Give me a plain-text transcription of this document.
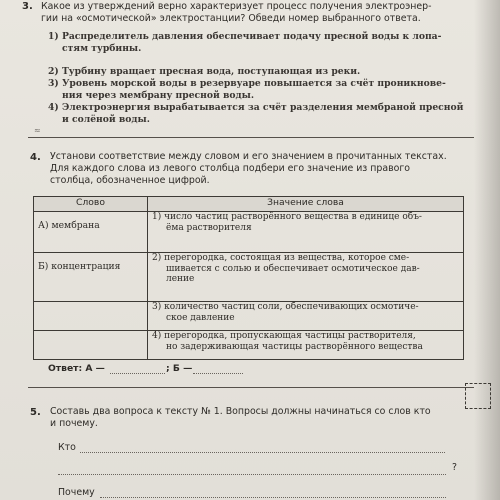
3. Какое из утверждений верно характеризует процесс получения электроэнер-
гии на «осмотической» электростанции? Обведи номер выбранного ответа.
1) Распределитель давления обеспечивает подачу пресной воды к лопа-
стям турбины.
2) Турбину вращает пресная вода, поступающая из реки.
3) Уровень морской воды в резервуаре повышается за счёт проникнове-
ния через мембрану пресной воды.
4) Электроэнергия вырабатывается за счёт разделения мембраной пресной
и солёной воды.
≈
4. Установи соответствие между словом и его значением в прочитанных текстах.
Для каждого слова из левого столбца подбери его значение из правого
столбца, обозначенное цифрой.
Слово	Значение слова
А) мембрана	1) число частиц растворённого вещества в единице объ-
ёма растворителя

Б) концентрация	2) перегородка, состоящая из вещества, которое сме-
шивается с солью и обеспечивает осмотическое дав-
ление

	3) количество частиц соли, обеспечивающих осмотиче-
ское давление

	4) перегородка, пропускающая частицы растворителя,
но задерживающая частицы растворённого вещества
Ответ: А —	; Б —
5. Составь два вопроса к тексту № 1. Вопросы должны начинаться со слов кто
и почему.
Кто
?
Почему
